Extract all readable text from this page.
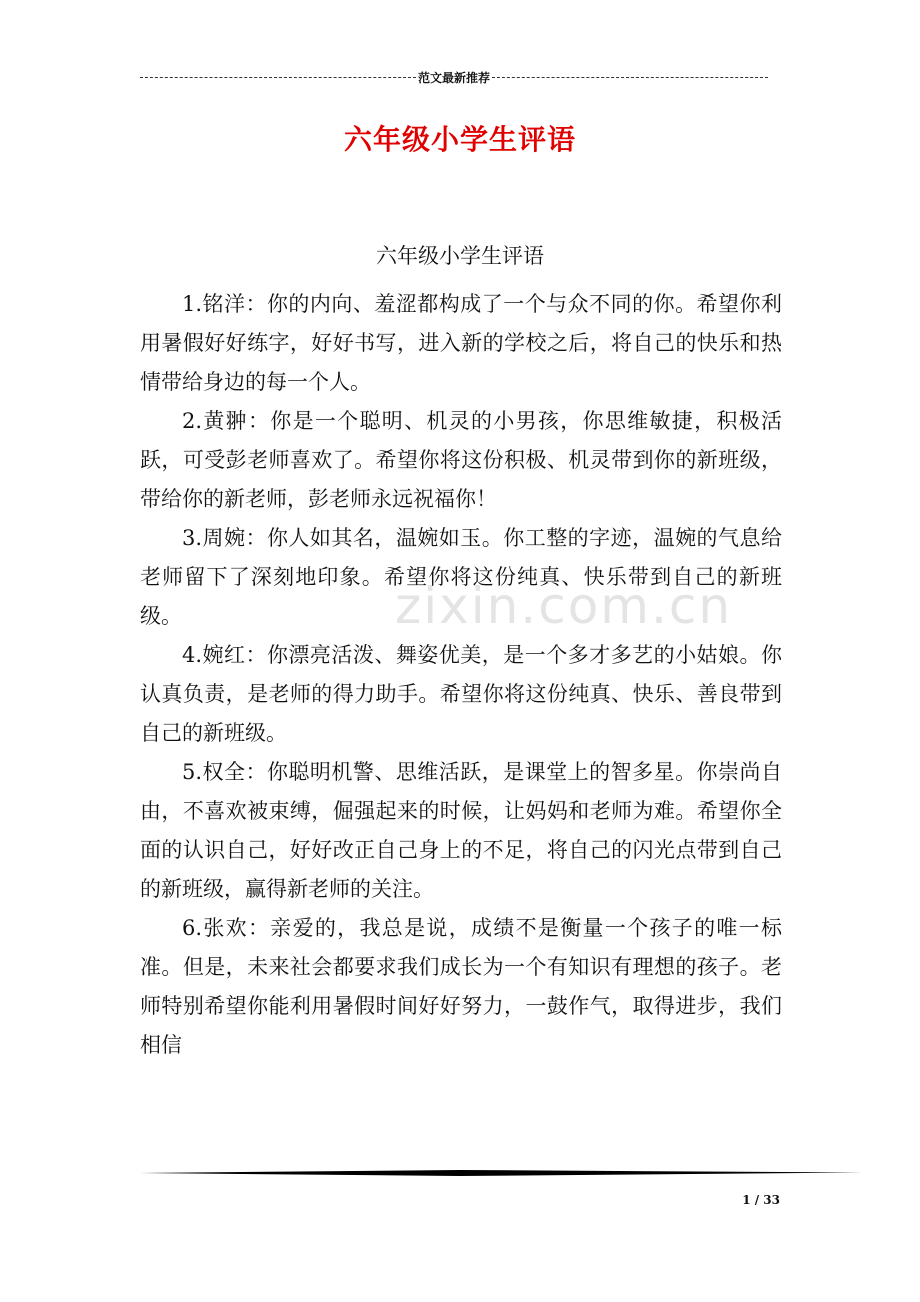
范文最新推荐
zixin.com.cn
六年级小学生评语

六年级小学生评语

1.铭洋：你的内向、羞涩都构成了一个与众不同的你。希望你利用暑假好好练字，好好书写，进入新的学校之后，将自己的快乐和热情带给身边的每一个人。

2.黄翀：你是一个聪明、机灵的小男孩，你思维敏捷，积极活跃，可受彭老师喜欢了。希望你将这份积极、机灵带到你的新班级，带给你的新老师，彭老师永远祝福你！

3.周婉：你人如其名，温婉如玉。你工整的字迹，温婉的气息给老师留下了深刻地印象。希望你将这份纯真、快乐带到自己的新班级。

4.婉红：你漂亮活泼、舞姿优美，是一个多才多艺的小姑娘。你认真负责，是老师的得力助手。希望你将这份纯真、快乐、善良带到自己的新班级。

5.权全：你聪明机警、思维活跃，是课堂上的智多星。你崇尚自由，不喜欢被束缚，倔强起来的时候，让妈妈和老师为难。希望你全面的认识自己，好好改正自己身上的不足，将自己的闪光点带到自己的新班级，赢得新老师的关注。

6.张欢：亲爱的，我总是说，成绩不是衡量一个孩子的唯一标准。但是，未来社会都要求我们成长为一个有知识有理想的孩子。老师特别希望你能利用暑假时间好好努力，一鼓作气，取得进步，我们相信

1 / 33
